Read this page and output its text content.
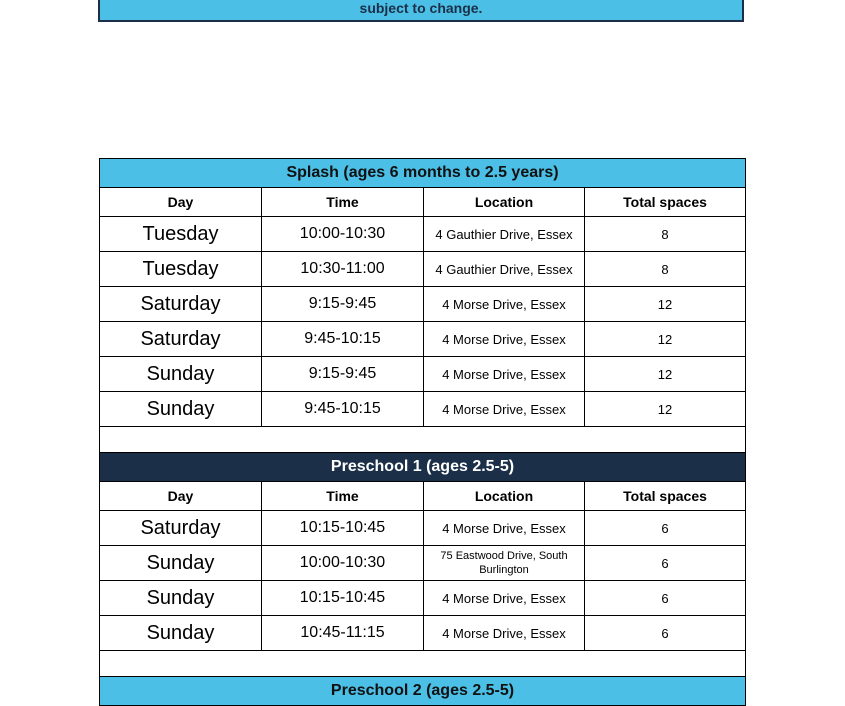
subject to change.
Splash (ages 6 months to 2.5 years)			
Day	Time	Location	Total spaces
Tuesday	10:00-10:30	4 Gauthier Drive, Essex	8
Tuesday	10:30-11:00	4 Gauthier Drive, Essex	8
Saturday	9:15-9:45	4 Morse Drive, Essex	12
Saturday	9:45-10:15	4 Morse Drive, Essex	12
Sunday	9:15-9:45	4 Morse Drive, Essex	12
Sunday	9:45-10:15	4 Morse Drive, Essex	12

Preschool 1 (ages 2.5-5)			
Day	Time	Location	Total spaces
Saturday	10:15-10:45	4 Morse Drive, Essex	6
Sunday	10:00-10:30	75 Eastwood Drive, South Burlington	6
Sunday	10:15-10:45	4 Morse Drive, Essex	6
Sunday	10:45-11:15	4 Morse Drive, Essex	6

Preschool 2 (ages 2.5-5)			
